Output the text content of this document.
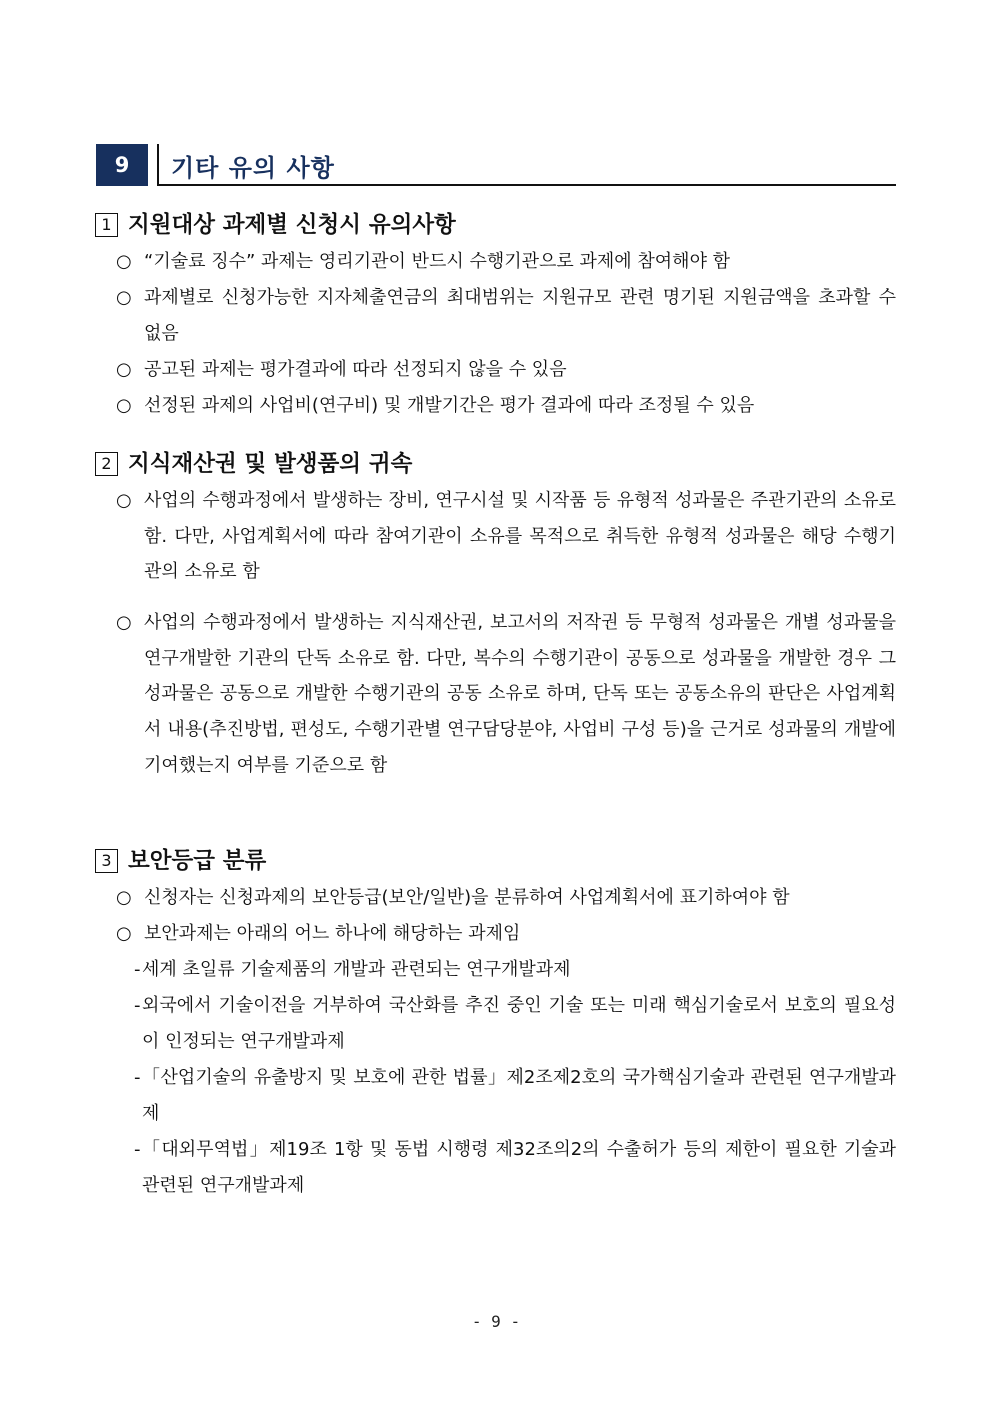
9	기타 유의 사항
1 지원대상 과제별 신청시 유의사항
○ “기술료 징수” 과제는 영리기관이 반드시 수행기관으로 과제에 참여해야 함
○ 과제별로 신청가능한 지자체출연금의 최대범위는 지원규모 관련 명기된 지원금액을 초과할 수 없음
○ 공고된 과제는 평가결과에 따라 선정되지 않을 수 있음
○ 선정된 과제의 사업비(연구비) 및 개발기간은 평가 결과에 따라 조정될 수 있음
2 지식재산권 및 발생품의 귀속
○ 사업의 수행과정에서 발생하는 장비, 연구시설 및 시작품 등 유형적 성과물은 주관기관의 소유로 함. 다만, 사업계획서에 따라 참여기관이 소유를 목적으로 취득한 유형적 성과물은 해당 수행기관의 소유로 함
○ 사업의 수행과정에서 발생하는 지식재산권, 보고서의 저작권 등 무형적 성과물은 개별 성과물을 연구개발한 기관의 단독 소유로 함. 다만, 복수의 수행기관이 공동으로 성과물을 개발한 경우 그 성과물은 공동으로 개발한 수행기관의 공동 소유로 하며, 단독 또는 공동소유의 판단은 사업계획서 내용(추진방법, 편성도, 수행기관별 연구담당분야, 사업비 구성 등)을 근거로 성과물의 개발에 기여했는지 여부를 기준으로 함
3 보안등급 분류
○ 신청자는 신청과제의 보안등급(보안/일반)을 분류하여 사업계획서에 표기하여야 함
○ 보안과제는 아래의 어느 하나에 해당하는 과제임
- 세계 초일류 기술제품의 개발과 관련되는 연구개발과제
- 외국에서 기술이전을 거부하여 국산화를 추진 중인 기술 또는 미래 핵심기술로서 보호의 필요성이 인정되는 연구개발과제
- 「산업기술의 유출방지 및 보호에 관한 법률」제2조제2호의 국가핵심기술과 관련된 연구개발과제
- 「대외무역법」제19조 1항 및 동법 시행령 제32조의2의 수출허가 등의 제한이 필요한 기술과 관련된 연구개발과제
- 9 -
